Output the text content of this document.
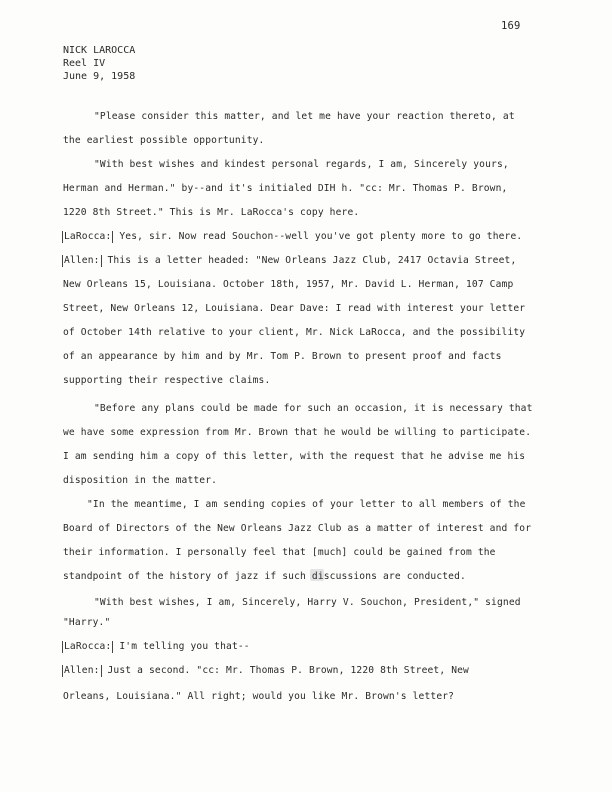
169
NICK LAROCCA
Reel IV
June 9, 1958
"Please consider this matter, and let me have your reaction thereto, at
the earliest possible opportunity.
"With best wishes and kindest personal regards, I am, Sincerely yours,
Herman and Herman." by--and it's initialed DIH h. "cc: Mr. Thomas P. Brown,
1220 8th Street." This is Mr. LaRocca's copy here.
LaRocca: Yes, sir. Now read Souchon--well you've got plenty more to go there.
Allen: This is a letter headed: "New Orleans Jazz Club, 2417 Octavia Street,
New Orleans 15, Louisiana. October 18th, 1957, Mr. David L. Herman, 107 Camp
Street, New Orleans 12, Louisiana. Dear Dave: I read with interest your letter
of October 14th relative to your client, Mr. Nick LaRocca, and the possibility
of an appearance by him and by Mr. Tom P. Brown to present proof and facts
supporting their respective claims.
"Before any plans could be made for such an occasion, it is necessary that
we have some expression from Mr. Brown that he would be willing to participate.
I am sending him a copy of this letter, with the request that he advise me his
disposition in the matter.
"In the meantime, I am sending copies of your letter to all members of the
Board of Directors of the New Orleans Jazz Club as a matter of interest and for
their information. I personally feel that [much] could be gained from the
standpoint of the history of jazz if such discussions are conducted.
"With best wishes, I am, Sincerely, Harry V. Souchon, President," signed
"Harry."
LaRocca: I'm telling you that--
Allen: Just a second. "cc: Mr. Thomas P. Brown, 1220 8th Street, New
Orleans, Louisiana." All right; would you like Mr. Brown's letter?
